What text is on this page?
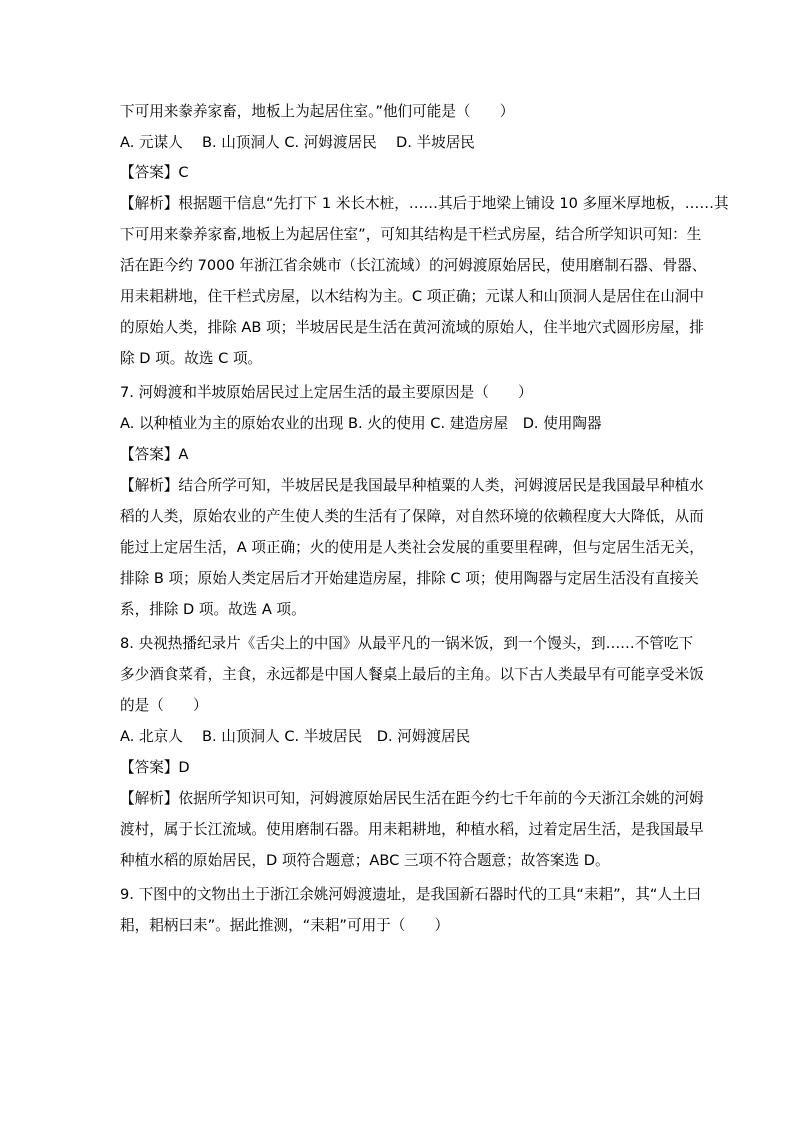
下可用来豢养家畜，地板上为起居住室。”他们可能是（　　）
A. 元谋人　 B. 山顶洞人 C. 河姆渡居民　 D. 半坡居民
【答案】C
【解析】根据题干信息“先打下 1 米长木桩，……其后于地梁上铺设 10 多厘米厚地板，……其
下可用来豢养家畜,地板上为起居住室”，可知其结构是干栏式房屋，结合所学知识可知：生
活在距今约 7000 年浙江省余姚市（长江流域）的河姆渡原始居民，使用磨制石器、骨器、
用耒耜耕地，住干栏式房屋，以木结构为主。C 项正确；元谋人和山顶洞人是居住在山洞中
的原始人类，排除 AB 项；半坡居民是生活在黄河流域的原始人，住半地穴式圆形房屋，排
除 D 项。故选 C 项。
7. 河姆渡和半坡原始居民过上定居生活的最主要原因是（　　）
A. 以种植业为主的原始农业的出现 B. 火的使用 C. 建造房屋　D. 使用陶器
【答案】A
【解析】结合所学可知，半坡居民是我国最早种植粟的人类，河姆渡居民是我国最早种植水
稻的人类，原始农业的产生使人类的生活有了保障，对自然环境的依赖程度大大降低，从而
能过上定居生活，A 项正确；火的使用是人类社会发展的重要里程碑，但与定居生活无关，
排除 B 项；原始人类定居后才开始建造房屋，排除 C 项；使用陶器与定居生活没有直接关
系，排除 D 项。故选 A 项。
8. 央视热播纪录片《舌尖上的中国》从最平凡的一锅米饭，到一个馒头，到……不管吃下
多少酒食菜肴，主食，永远都是中国人餐桌上最后的主角。以下古人类最早有可能享受米饭
的是（　　）
A. 北京人　 B. 山顶洞人 C. 半坡居民　D. 河姆渡居民
【答案】D
【解析】依据所学知识可知，河姆渡原始居民生活在距今约七千年前的今天浙江余姚的河姆
渡村，属于长江流域。使用磨制石器。用耒耜耕地，种植水稻，过着定居生活，是我国最早
种植水稻的原始居民，D 项符合题意；ABC 三项不符合题意；故答案选 D。
9. 下图中的文物出土于浙江余姚河姆渡遗址，是我国新石器时代的工具“耒耜”，其“人土曰
耜，耜柄曰耒”。据此推测，“耒耜”可用于（　　）
